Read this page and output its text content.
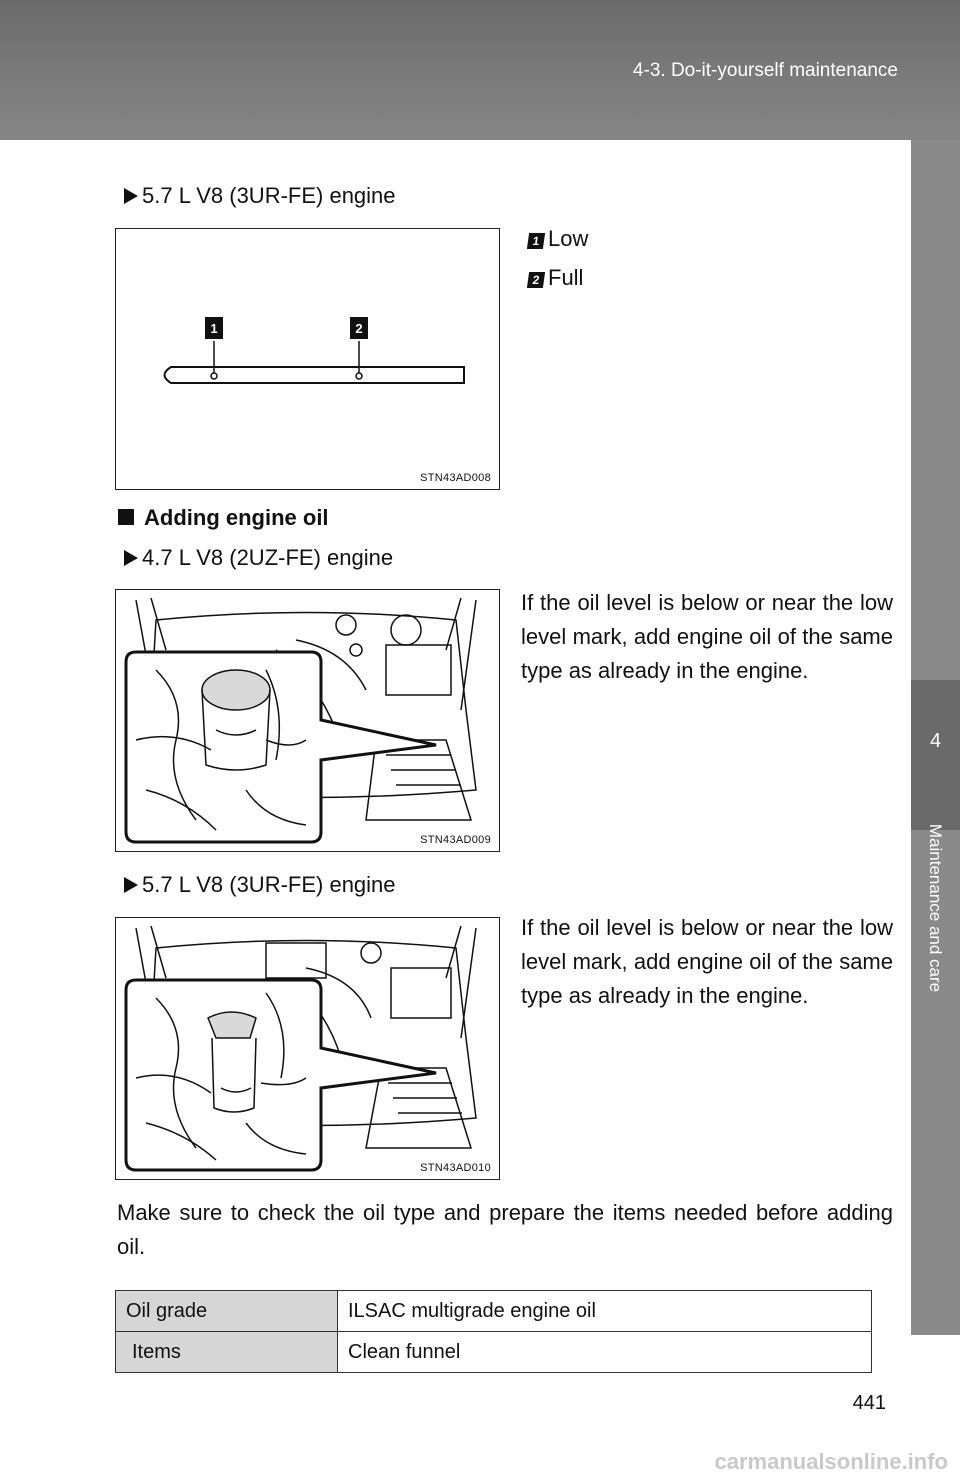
4-3. Do-it-yourself maintenance
4
Maintenance and care
5.7 L V8 (3UR-FE) engine
1	2
STN43AD008
1 Low
2 Full
Adding engine oil
4.7 L V8 (2UZ-FE) engine
STN43AD009
If the oil level is below or near the low level mark, add engine oil of the same type as already in the engine.
5.7 L V8 (3UR-FE) engine
STN43AD010
If the oil level is below or near the low level mark, add engine oil of the same type as already in the engine.
Make sure to check the oil type and prepare the items needed before adding oil.
Oil grade	ILSAC multigrade engine oil
Items	Clean funnel
441
carmanualsonline.info
